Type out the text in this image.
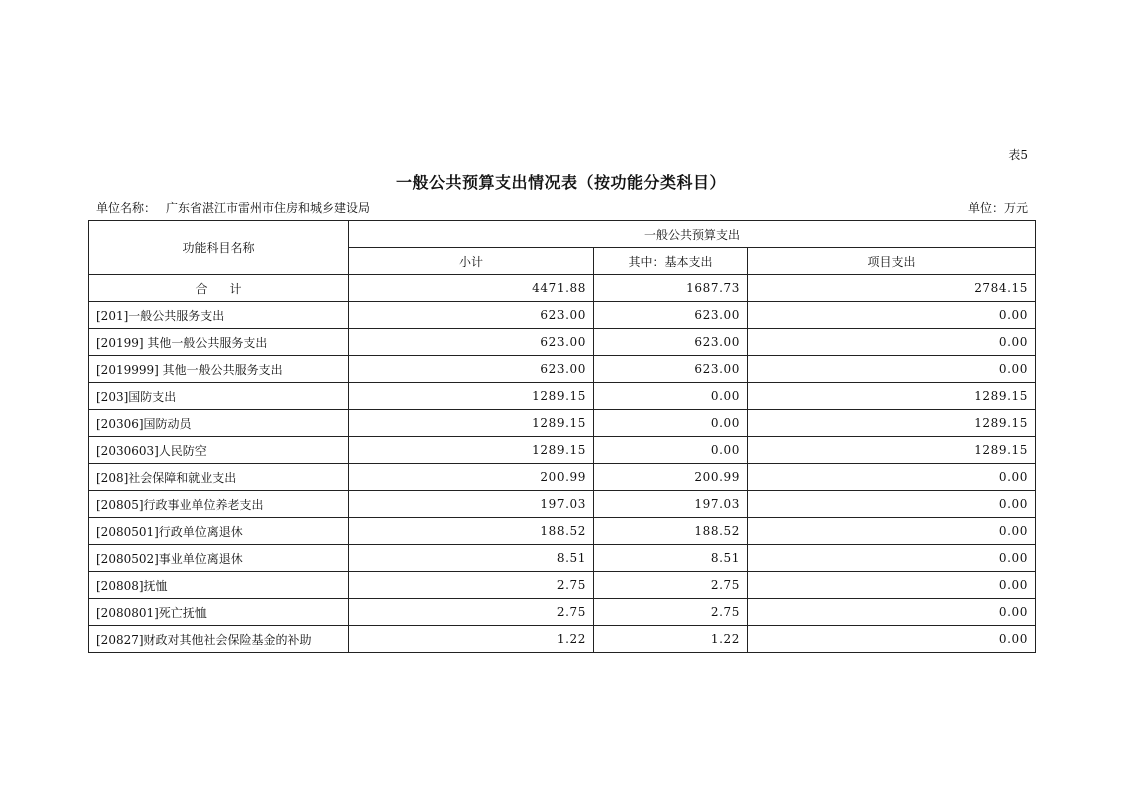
表5
一般公共预算支出情况表（按功能分类科目）
单位名称： 广东省湛江市雷州市住房和城乡建设局	单位：万元
功能科目名称	一般公共预算支出		
	小计	其中：基本支出	项目支出
合 计	4471.88	1687.73	2784.15
[201]一般公共服务支出	623.00	623.00	0.00
[20199] 其他一般公共服务支出	623.00	623.00	0.00
[2019999] 其他一般公共服务支出	623.00	623.00	0.00
[203]国防支出	1289.15	0.00	1289.15
[20306]国防动员	1289.15	0.00	1289.15
[2030603]人民防空	1289.15	0.00	1289.15
[208]社会保障和就业支出	200.99	200.99	0.00
[20805]行政事业单位养老支出	197.03	197.03	0.00
[2080501]行政单位离退休	188.52	188.52	0.00
[2080502]事业单位离退休	8.51	8.51	0.00
[20808]抚恤	2.75	2.75	0.00
[2080801]死亡抚恤	2.75	2.75	0.00
[20827]财政对其他社会保险基金的补助	1.22	1.22	0.00
